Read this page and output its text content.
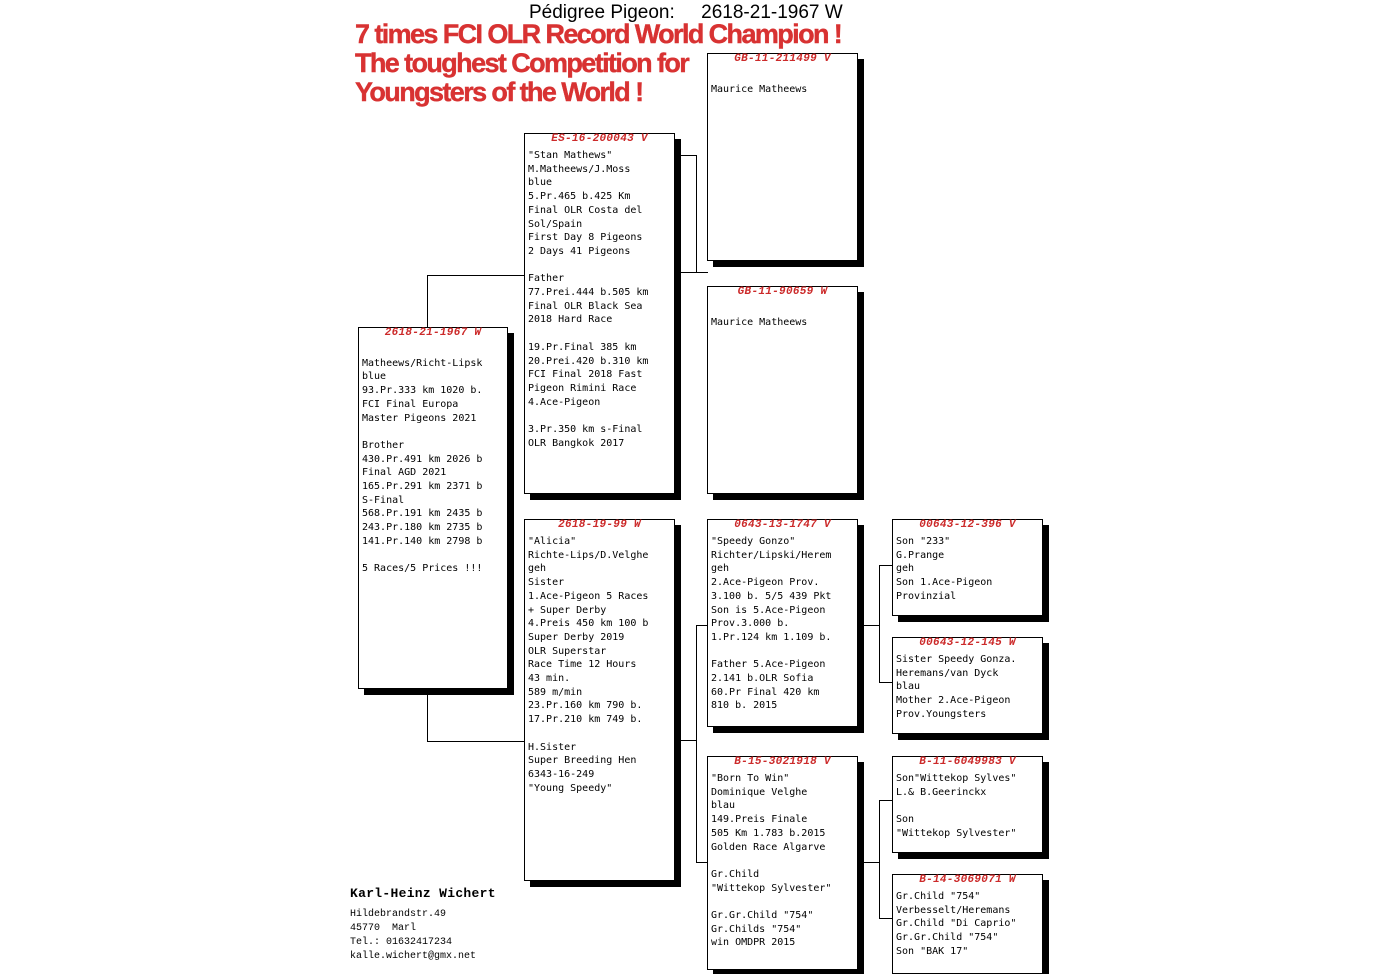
Pédigree Pigeon:     2618-21-1967 W
7 times FCI OLR Record World Champion !
The toughest Competition for
Youngsters of the World !
2618-21-1967 W

Matheews/Richt-Lipsk
blue
93.Pr.333 km 1020 b.
FCI Final Europa
Master Pigeons 2021

Brother
430.Pr.491 km 2026 b
Final AGD 2021
165.Pr.291 km 2371 b
S-Final
568.Pr.191 km 2435 b
243.Pr.180 km 2735 b
141.Pr.140 km 2798 b

5 Races/5 Prices !!!
ES-16-200043 V
"Stan Mathews"
M.Matheews/J.Moss
blue
5.Pr.465 b.425 Km
Final OLR Costa del
Sol/Spain
First Day 8 Pigeons
2 Days 41 Pigeons

Father
77.Prei.444 b.505 km
Final OLR Black Sea
2018 Hard Race

19.Pr.Final 385 km
20.Prei.420 b.310 km
FCI Final 2018 Fast
Pigeon Rimini Race
4.Ace-Pigeon

3.Pr.350 km s-Final
OLR Bangkok 2017
2618-19-99 W
"Alicia"
Richte-Lips/D.Velghe
geh
Sister
1.Ace-Pigeon 5 Races
+ Super Derby
4.Preis 450 km 100 b
Super Derby 2019
OLR Superstar
Race Time 12 Hours
43 min.
589 m/min
23.Pr.160 km 790 b.
17.Pr.210 km 749 b.

H.Sister
Super Breeding Hen
6343-16-249
"Young Speedy"
GB-11-211499 V

Maurice Matheews
GB-11-90659 W

Maurice Matheews
0643-13-1747 V
"Speedy Gonzo"
Richter/Lipski/Herem
geh
2.Ace-Pigeon Prov.
3.100 b. 5/5 439 Pkt
Son is 5.Ace-Pigeon
Prov.3.000 b.
1.Pr.124 km 1.109 b.

Father 5.Ace-Pigeon
2.141 b.OLR Sofia
60.Pr Final 420 km
810 b. 2015
B-15-3021918 V
"Born To Win"
Dominique Velghe
blau
149.Preis Finale
505 Km 1.783 b.2015
Golden Race Algarve

Gr.Child
"Wittekop Sylvester"

Gr.Gr.Child "754"
Gr.Childs "754"
win OMDPR 2015
00643-12-396 V
Son "233"
G.Prange
geh
Son 1.Ace-Pigeon
Provinzial
00643-12-145 W
Sister Speedy Gonza.
Heremans/van Dyck
blau
Mother 2.Ace-Pigeon
Prov.Youngsters
B-11-6049983 V
Son"Wittekop Sylves"
L.& B.Geerinckx

Son
"Wittekop Sylvester"
B-14-3069071 W
Gr.Child "754"
Verbesselt/Heremans
Gr.Child "Di Caprio"
Gr.Gr.Child "754"
Son "BAK 17"
Karl-Heinz Wichert
Hildebrandstr.49
45770  Marl
Tel.: 01632417234
kalle.wichert@gmx.net
